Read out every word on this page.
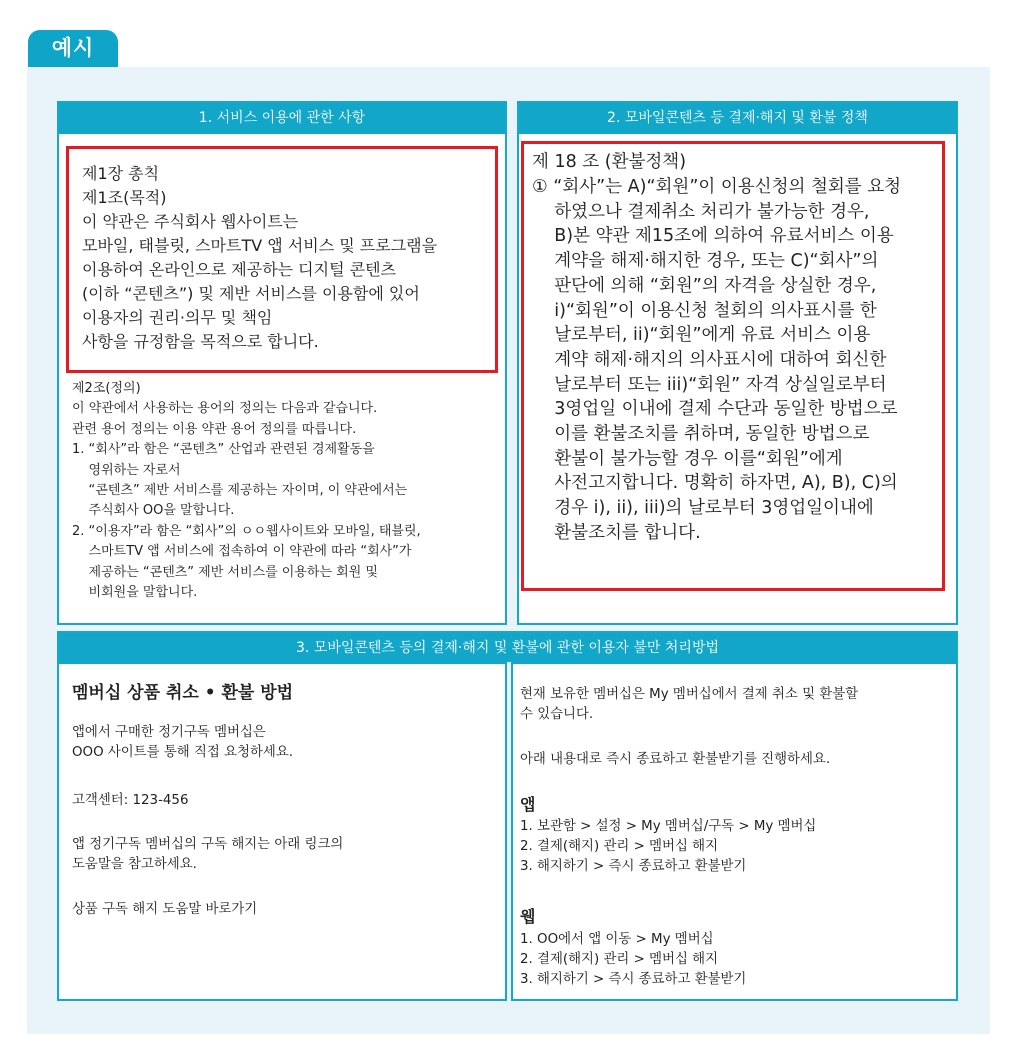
예시
1. 서비스 이용에 관한 사항

제1장 총칙
제1조(목적)
이 약관은 주식회사 웹사이트는
모바일, 태블릿, 스마트TV 앱 서비스 및 프로그램을
이용하여 온라인으로 제공하는 디지털 콘텐츠
(이하 “콘텐츠”) 및 제반 서비스를 이용함에 있어
이용자의 권리·의무 및 책임
사항을 규정함을 목적으로 합니다.

제2조(정의)
이 약관에서 사용하는 용어의 정의는 다음과 같습니다.
관련 용어 정의는 이용 약관 용어 정의를 따릅니다.
1. “회사”라 함은 “콘텐츠” 산업과 관련된 경제활동을
영위하는 자로서
“콘텐츠” 제반 서비스를 제공하는 자이며, 이 약관에서는
주식회사 OO을 말합니다.
2. “이용자”라 함은 “회사”의 ㅇㅇ웹사이트와 모바일, 태블릿,
스마트TV 앱 서비스에 접속하여 이 약관에 따라 “회사”가
제공하는 “콘텐츠” 제반 서비스를 이용하는 회원 및
비회원을 말합니다.

2. 모바일콘텐츠 등 결제·해지 및 환불 정책

제 18 조 (환불정책)

① “회사”는 A)“회원”이 이용신청의 철회를 요청
하였으나 결제취소 처리가 불가능한 경우,
B)본 약관 제15조에 의하여 유료서비스 이용
계약을 해제·해지한 경우, 또는 C)“회사”의
판단에 의해 “회원”의 자격을 상실한 경우,
i)“회원”이 이용신청 철회의 의사표시를 한
날로부터, ii)“회원”에게 유료 서비스 이용
계약 해제·해지의 의사표시에 대하여 회신한
날로부터 또는 iii)“회원” 자격 상실일로부터
3영업일 이내에 결제 수단과 동일한 방법으로
이를 환불조치를 취하며, 동일한 방법으로
환불이 불가능할 경우 이를“회원”에게
사전고지합니다. 명확히 하자면, A), B), C)의
경우 i), ii), iii)의 날로부터 3영업일이내에
환불조치를 합니다.

3. 모바일콘텐츠 등의 결제·해지 및 환불에 관한 이용자 불만 처리방법

멤버십 상품 취소 • 환불 방법

앱에서 구매한 정기구독 멤버십은
OOO 사이트를 통해 직접 요청하세요.

고객센터: 123-456

앱 정기구독 멤버십의 구독 해지는 아래 링크의
도움말을 참고하세요.

상품 구독 해지 도움말 바로가기

현재 보유한 멤버십은 My 멤버십에서 결제 취소 및 환불할
수 있습니다.

아래 내용대로 즉시 종료하고 환불받기를 진행하세요.

앱

1. 보관함 > 설정 > My 멤버십/구독 > My 멤버십
2. 결제(해지) 관리 > 멤버십 해지
3. 해지하기 > 즉시 종료하고 환불받기

웹

1. OO에서 앱 이동 > My 멤버십
2. 결제(해지) 관리 > 멤버십 해지
3. 해지하기 > 즉시 종료하고 환불받기
